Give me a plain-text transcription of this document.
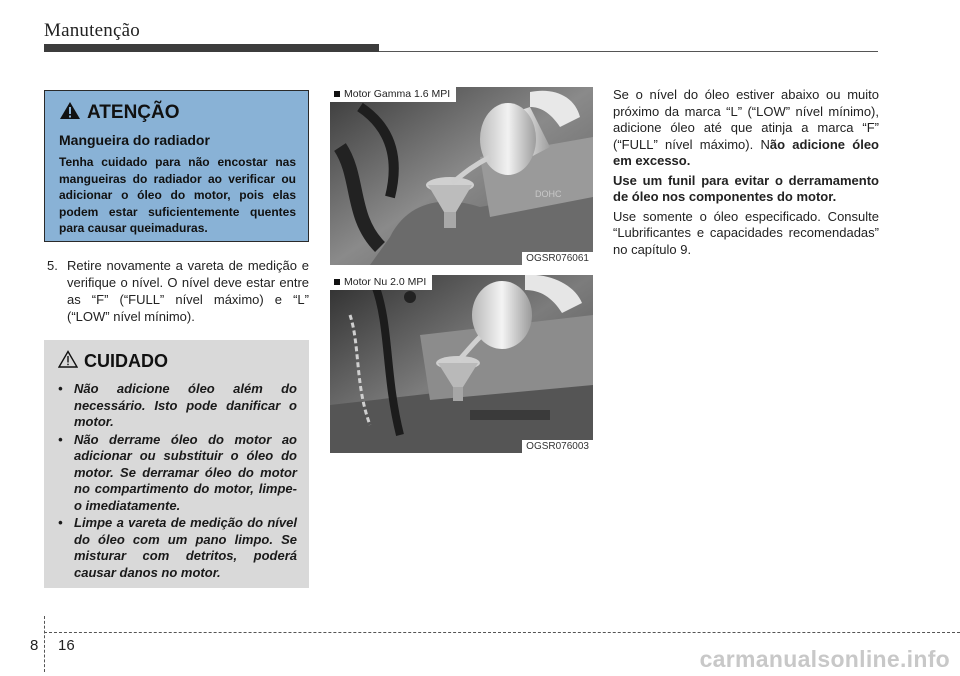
Manutenção
ATENÇÃO
Mangueira do radiador
Tenha cuidado para não encostar nas mangueiras do radiador ao verificar ou adicionar o óleo do motor, pois elas podem estar suficientemente quentes para causar queimaduras.
5. Retire novamente a vareta de medição e verifique o nível. O nível deve estar entre as “F” (“FULL” nível máximo) e “L” (“LOW” nível mínimo).
CUIDADO
• Não adicione óleo além do necessário. Isto pode danificar o motor.
• Não derrame óleo do motor ao adicionar ou substituir o óleo do motor. Se derramar óleo do motor no compartimento do motor, limpe-o imediatamente.
• Limpe a vareta de medição do nível do óleo com um pano limpo. Se misturar com detritos, poderá causar danos no motor.
DOHC
Motor Gamma 1.6 MPI
OGSR076061
Motor Nu 2.0 MPI
OGSR076003

Se o nível do óleo estiver abaixo ou muito próximo da marca “L” (“LOW” nível mínimo), adicione óleo até que atinja a marca “F” (“FULL” nível máximo). Não adicione óleo em excesso.

Use um funil para evitar o derramamento de óleo nos componentes do motor.

Use somente o óleo especificado. Consulte “Lubrificantes e capacidades recomendadas” no capítulo 9.

8 16
carmanualsonline.info
